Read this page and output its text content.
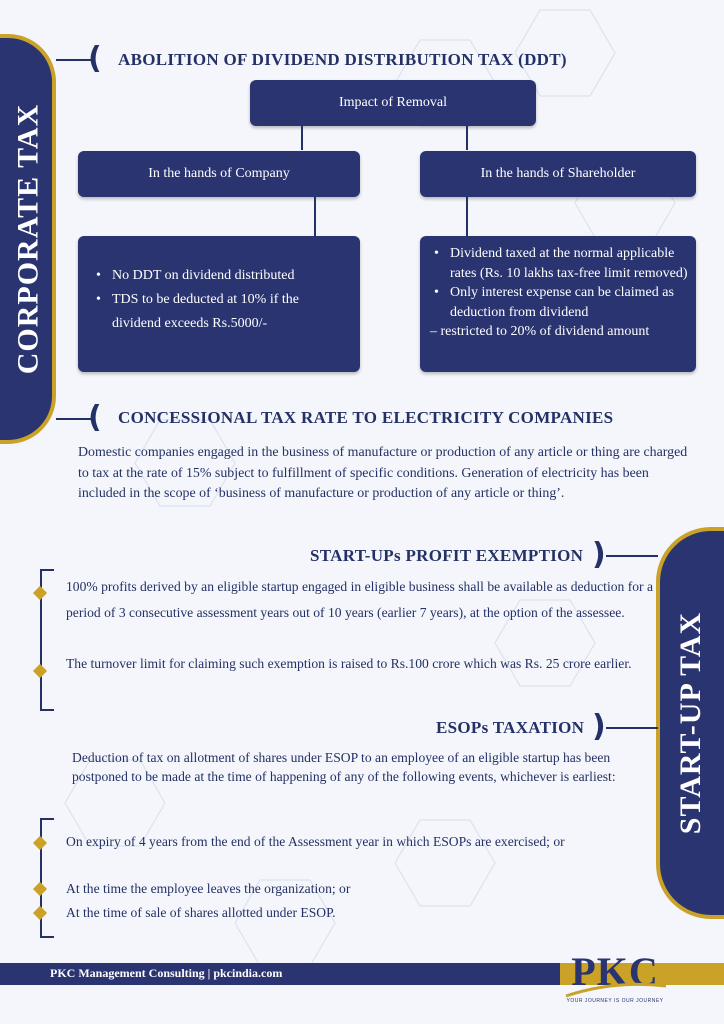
CORPORATE TAX
START-UP TAX
( ABOLITION OF DIVIDEND DISTRIBUTION TAX (DDT)
Impact of Removal
In the hands of Company	In the hands of Shareholder
• No DDT on dividend distributed
• TDS to be deducted at 10% if the dividend exceeds Rs.5000/-
• Dividend taxed at the normal applicable rates (Rs. 10 lakhs tax-free limit removed)
• Only interest expense can be claimed as deduction from dividend
– restricted to 20% of dividend amount
( CONCESSIONAL TAX RATE TO ELECTRICITY COMPANIES
Domestic companies engaged in the business of manufacture or production of any article or thing are charged to tax at the rate of 15% subject to fulfillment of specific conditions. Generation of electricity has been included in the scope of ‘business of manufacture or production of any article or thing’.
START-UPs PROFIT EXEMPTION )
100% profits derived by an eligible startup engaged in eligible business shall be available as deduction for a period of 3 consecutive assessment years out of 10 years (earlier 7 years), at the option of the assessee.
The turnover limit for claiming such exemption is raised to Rs.100 crore which was Rs. 25 crore earlier.
ESOPs TAXATION )
Deduction of tax on allotment of shares under ESOP to an employee of an eligible startup has been postponed to be made at the time of happening of any of the following events, whichever is earliest:
On expiry of 4 years from the end of the Assessment year in which ESOPs are exercised; or
At the time the employee leaves the organization; or
At the time of sale of shares allotted under ESOP.
PKC Management Consulting | pkcindia.com	PKC
YOUR JOURNEY IS OUR JOURNEY
